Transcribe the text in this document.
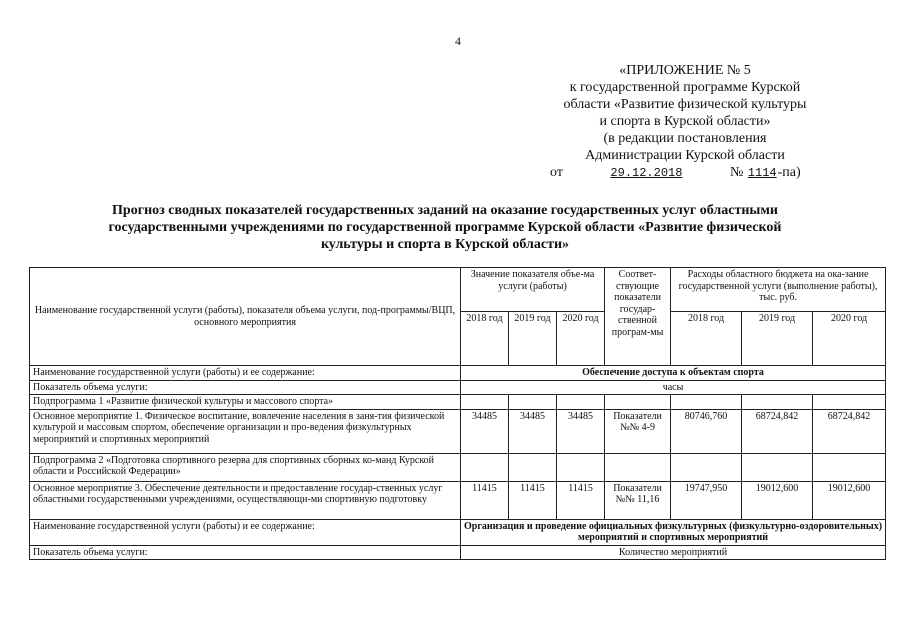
4
«ПРИЛОЖЕНИЕ № 5
к государственной программе Курской
области «Развитие физической культуры
и спорта в Курской области»
(в редакции постановления
Администрации Курской области
от	29.12.2018	№ 1114-па)
Прогноз сводных показателей государственных заданий на оказание государственных услуг областными
государственными учреждениями по государственной программе Курской области «Развитие физической
культуры и спорта в Курской области»
Наименование государственной услуги (работы), показателя объема услуги, под-программы/ВЦП, основного мероприятия	Значение показателя объе-ма услуги (работы)			Соответ-ствующие показатели государ-ственной програм-мы	Расходы областного бюджета на ока-зание государственной услуги (выполнение работы), тыс. руб.		
	2018 год	2019 год	2020 год		2018 год	2019 год	2020 год
Наименование государственной услуги (работы) и ее содержание:	Обеспечение доступа к объектам спорта						
Показатель объема услуги:	часы						
Подпрограмма 1 «Развитие физической культуры и массового спорта»							
Основное мероприятие 1. Физическое воспитание, вовлечение населения в заня-тия физической культурой и массовым спортом, обеспечение организации и про-ведения физкультурных мероприятий и спортивных мероприятий	34485	34485	34485	Показатели №№ 4-9	80746,760	68724,842	68724,842
Подпрограмма 2 «Подготовка спортивного резерва для спортивных сборных ко-манд Курской области и Российской Федерации»							
Основное мероприятие 3. Обеспечение деятельности и предоставление государ-ственных услуг областными государственными учреждениями, осуществляющи-ми спортивную подготовку	11415	11415	11415	Показатели №№ 11,16	19747,950	19012,600	19012,600
Наименование государственной услуги (работы) и ее содержание:	Организация и проведение официальных физкультурных (физкультурно-оздоровительных) мероприятий и спортивных мероприятий						
Показатель объема услуги:	Количество мероприятий						
